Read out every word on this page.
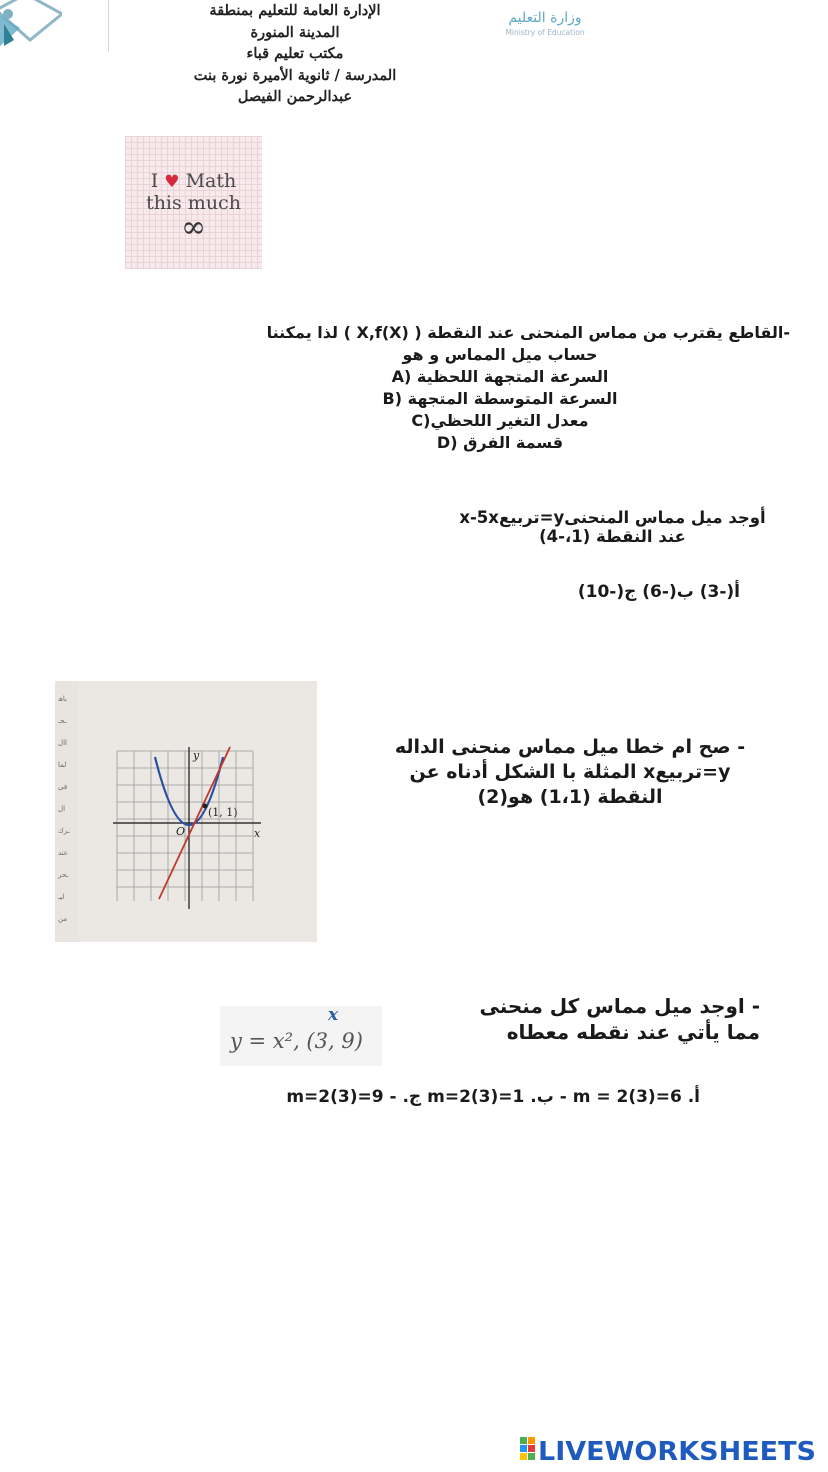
الإدارة العامة للتعليم بمنطقة
المدينة المنورة
مكتب تعليم قباء
المدرسة / ثانوية الأميرة نورة بنت
عبدالرحمن الفيصل
وزارة التعليم
Ministry of Education
I ♥ Math
this much
∞
-القاطع يقترب من مماس المنحنى عند النقطة ( X,f(X) ) لذا يمكننا
حساب ميل المماس و هو
السرعة المتجهة اللحظية (A
السرعة المتوسطة المتجهة (B
معدل التغير اللحظي(C
قسمة الفرق (D
أوجد ميل مماس المنحنىy=تربيعx-5x
عند النقطة (1،-4)
أ(-3) ب(-6) ج(-10)
باھ
ـحـ
اال
لما
فى
ال
ـرك
عند
ـحر
ليـ
من
y
x
O
(1, 1)
- صح ام خطا ميل مماس منحنى الداله
y=تربيعx المثلة با الشكل أدناه عن
النقطة (1،1) هو(2)
- اوجد ميل مماس كل منحنى
مما يأتي عند نقطه معطاه
x
y = x², (3, 9)
أ. m = 2(3)=6 - ب. m=2(3)=1 ج. - m=2(3)=9
LIVEWORKSHEETS
